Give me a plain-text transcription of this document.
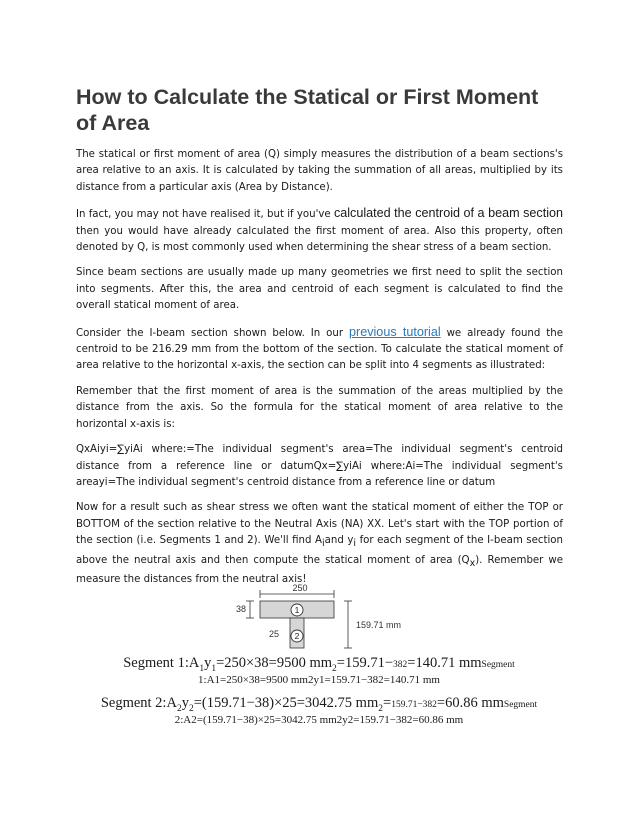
How to Calculate the Statical or First Moment of Area

The statical or first moment of area (Q) simply measures the distribution of a beam sections's area relative to an axis. It is calculated by taking the summation of all areas, multiplied by its distance from a particular axis (Area by Distance).

In fact, you may not have realised it, but if you've calculated the centroid of a beam section then you would have already calculated the first moment of area. Also this property, often denoted by Q, is most commonly used when determining the shear stress of a beam section.

Since beam sections are usually made up many geometries we first need to split the section into segments. After this, the area and centroid of each segment is calculated to find the overall statical moment of area.

Consider the I-beam section shown below. In our previous tutorial we already found the centroid to be 216.29 mm from the bottom of the section. To calculate the statical moment of area relative to the horizontal x-axis, the section can be split into 4 segments as illustrated:

Remember that the first moment of area is the summation of the areas multiplied by the distance from the axis. So the formula for the statical moment of area relative to the horizontal x-axis is:

QxAiyi=∑yiAi where:=The individual segment's area=The individual segment's centroid distance from a reference line or datumQx=∑yiAi where:Ai=The individual segment's areayi=The individual segment's centroid distance from a reference line or datum

Now for a result such as shear stress we often want the statical moment of either the TOP or BOTTOM of the section relative to the Neutral Axis (NA) XX. Let's start with the TOP portion of the section (i.e. Segments 1 and 2). We'll find $A_iand$ $y_i$ for each segment of the I-beam section above the neutral axis and then compute the statical moment of area $(Q_x)$. Remember we measure the distances from the neutral axis!

250
38
25
159.71 mm
1
2
Segment $1:A_1y_1=250\times 38=9500$ $mm_2=159.71-382=140.71$ mmSegment
1:A1=250×38=9500 mm2y1=159.71−382=140.71 mm
Segment $2:A_2y_2=(159.71-38)\times 25=3042.75$ $mm_2=159.71-382=60.86$ mmSegment
2:A2=(159.71−38)×25=3042.75 mm2y2=159.71−382=60.86 mm
